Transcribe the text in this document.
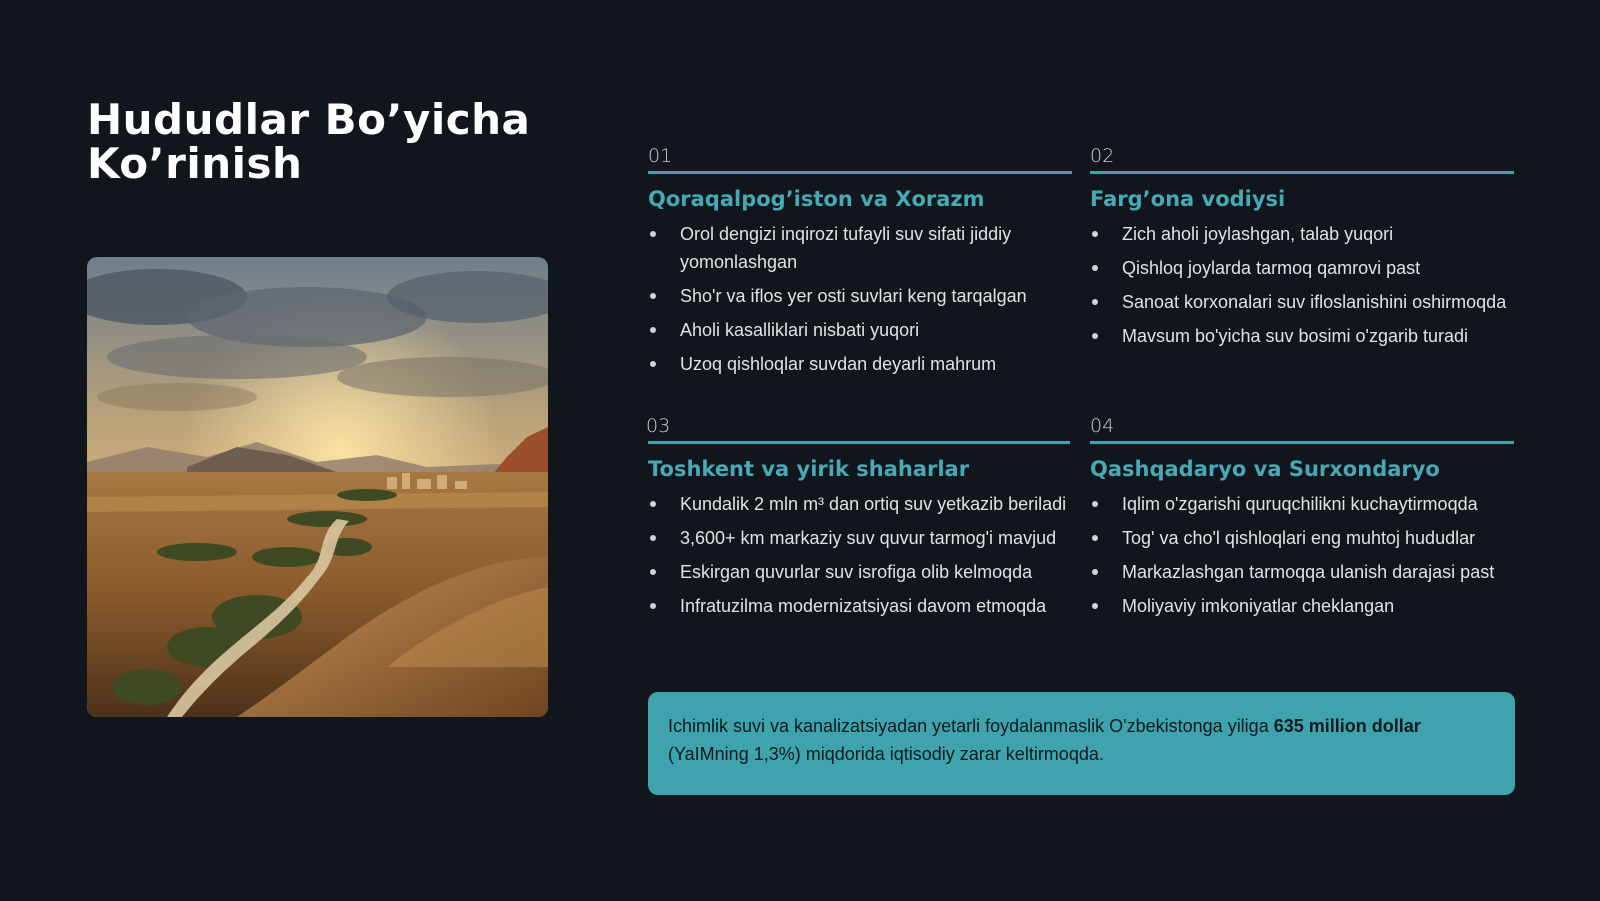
Hududlar Bo’yicha
Ko’rinish	01
Qoraqalpog’iston va Xorazm
Orol dengizi inqirozi tufayli suv sifati jiddiy yomonlashgan
Sho'r va iflos yer osti suvlari keng tarqalgan
Aholi kasalliklari nisbati yuqori
Uzoq qishloqlar suvdan deyarli mahrum
02
Farg’ona vodiysi
Zich aholi joylashgan, talab yuqori
Qishloq joylarda tarmoq qamrovi past
Sanoat korxonalari suv ifloslanishini oshirmoqda
Mavsum bo'yicha suv bosimi o'zgarib turadi
03
Toshkent va yirik shaharlar
Kundalik 2 mln m³ dan ortiq suv yetkazib beriladi
3,600+ km markaziy suv quvur tarmog'i mavjud
Eskirgan quvurlar suv isrofiga olib kelmoqda
Infratuzilma modernizatsiyasi davom etmoqda
04
Qashqadaryo va Surxondaryo
Iqlim o'zgarishi quruqchilikni kuchaytirmoqda
Tog' va cho'l qishloqlari eng muhtoj hududlar
Markazlashgan tarmoqqa ulanish darajasi past
Moliyaviy imkoniyatlar cheklangan
Ichimlik suvi va kanalizatsiyadan yetarli foydalanmaslik O'zbekistonga yiliga 635 million dollar (YaIMning 1,3%) miqdorida iqtisodiy zarar keltirmoqda.
